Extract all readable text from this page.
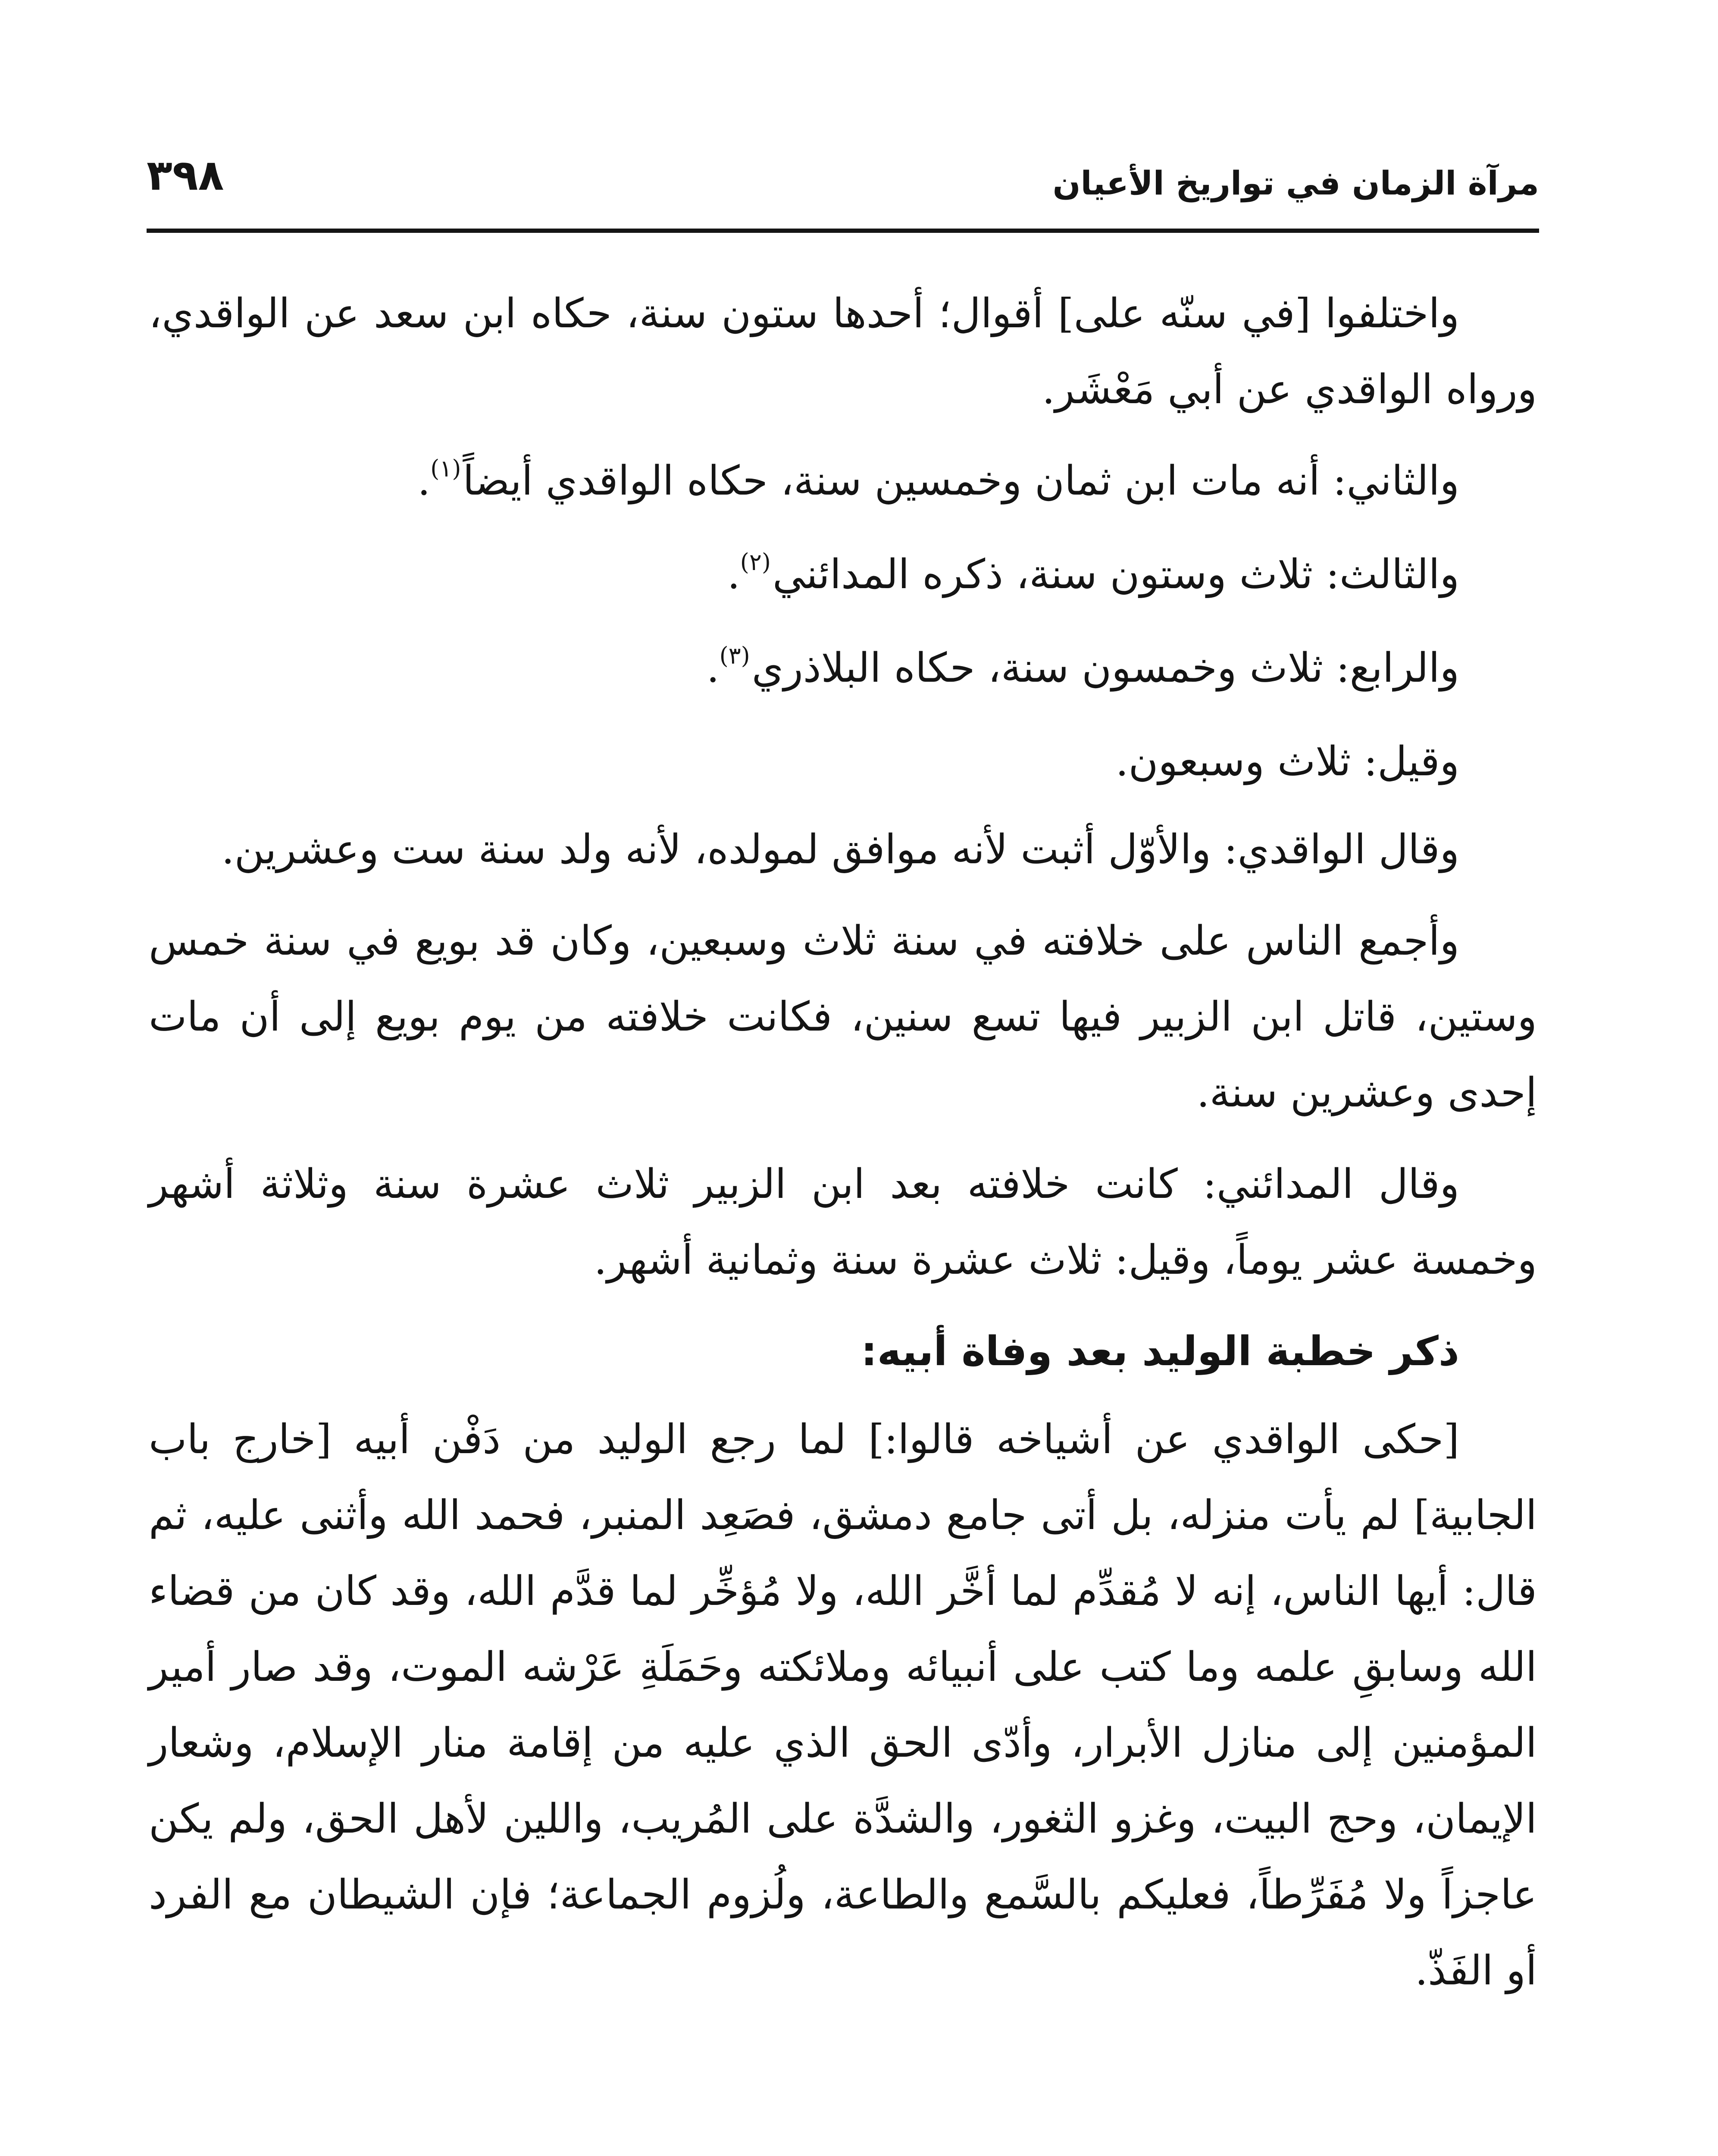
مرآة الزمان في تواريخ الأعيان
٣٩٨

واختلفوا [في سنّه على] أقوال؛ أحدها ستون سنة، حكاه ابن سعد عن الواقدي، ورواه الواقدي عن أبي مَعْشَر.

والثاني: أنه مات ابن ثمان وخمسين سنة، حكاه الواقدي أيضاً$^{(١)}$.

والثالث: ثلاث وستون سنة، ذكره المدائني$^{(٢)}$.

والرابع: ثلاث وخمسون سنة، حكاه البلاذري$^{(٣)}$.

وقيل: ثلاث وسبعون.

وقال الواقدي: والأوّل أثبت لأنه موافق لمولده، لأنه ولد سنة ست وعشرين.

وأجمع الناس على خلافته في سنة ثلاث وسبعين، وكان قد بويع في سنة خمس وستين، قاتل ابن الزبير فيها تسع سنين، فكانت خلافته من يوم بويع إلى أن مات إحدى وعشرين سنة.

وقال المدائني: كانت خلافته بعد ابن الزبير ثلاث عشرة سنة وثلاثة أشهر وخمسة عشر يوماً، وقيل: ثلاث عشرة سنة وثمانية أشهر.

ذكر خطبة الوليد بعد وفاة أبيه:

[حكى الواقدي عن أشياخه قالوا:] لما رجع الوليد من دَفْن أبيه [خارج باب الجابية] لم يأت منزله، بل أتى جامع دمشق، فصَعِد المنبر، فحمد الله وأثنى عليه، ثم قال: أيها الناس، إنه لا مُقدِّم لما أخَّر الله، ولا مُؤخِّر لما قدَّم الله، وقد كان من قضاء الله وسابقِ علمه وما كتب على أنبيائه وملائكته وحَمَلَةِ عَرْشه الموت، وقد صار أمير المؤمنين إلى منازل الأبرار، وأدّى الحق الذي عليه من إقامة منار الإسلام، وشعار الإيمان، وحج البيت، وغزو الثغور، والشدَّة على المُريب، واللين لأهل الحق، ولم يكن عاجزاً ولا مُفَرِّطاً، فعليكم بالسَّمع والطاعة، ولُزوم الجماعة؛ فإن الشيطان مع الفرد أو الفَذّ.
